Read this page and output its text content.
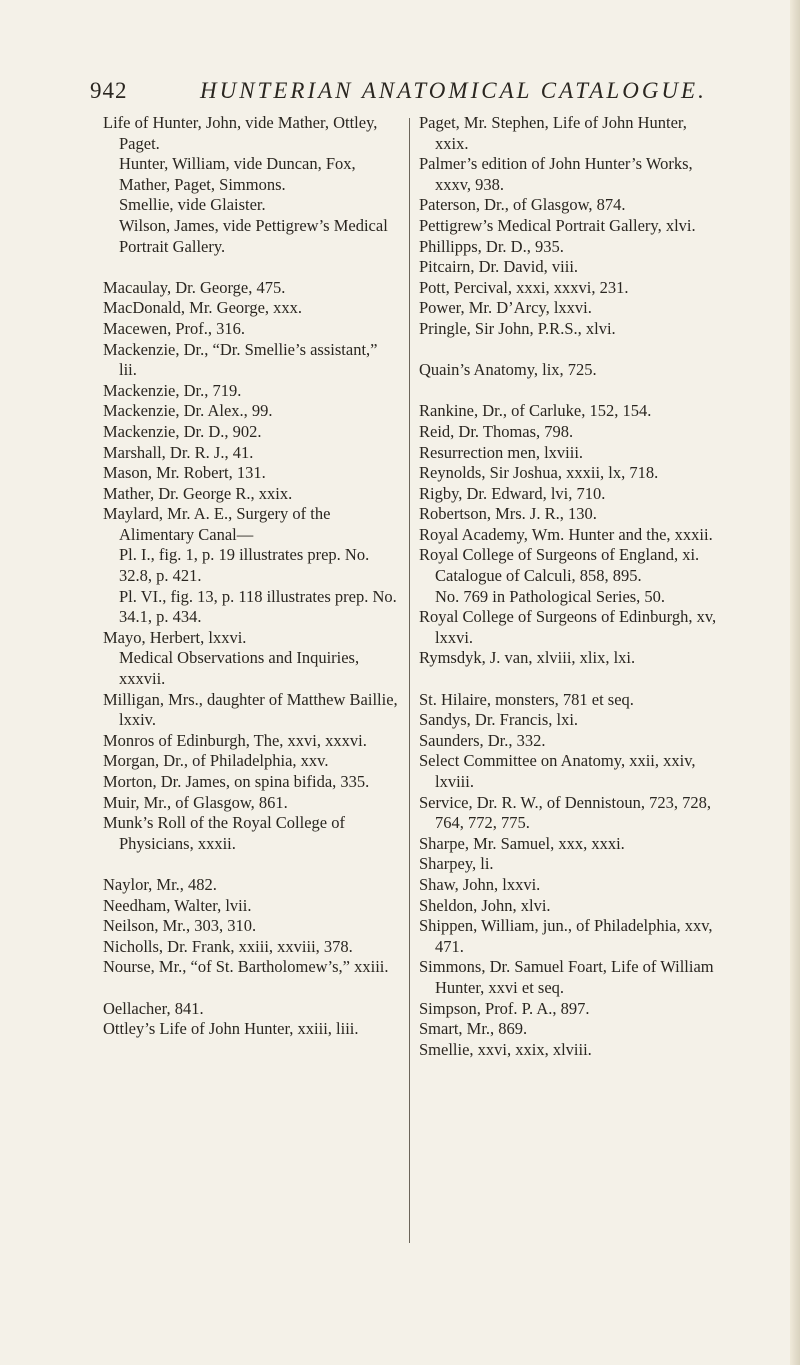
942	HUNTERIAN ANATOMICAL CATALOGUE.
Life of Hunter, John, vide Mather, Ottley, Paget.
Hunter, William, vide Duncan, Fox, Mather, Paget, Simmons.
Smellie, vide Glaister.
Wilson, James, vide Pettigrew’s Medical Portrait Gallery.
Macaulay, Dr. George, 475.
MacDonald, Mr. George, xxx.
Macewen, Prof., 316.
Mackenzie, Dr., “Dr. Smellie’s assistant,” lii.
Mackenzie, Dr., 719.
Mackenzie, Dr. Alex., 99.
Mackenzie, Dr. D., 902.
Marshall, Dr. R. J., 41.
Mason, Mr. Robert, 131.
Mather, Dr. George R., xxix.
Maylard, Mr. A. E., Surgery of the Alimentary Canal—
Pl. I., fig. 1, p. 19 illustrates prep. No. 32.8, p. 421.
Pl. VI., fig. 13, p. 118 illustrates prep. No. 34.1, p. 434.
Mayo, Herbert, lxxvi.
Medical Observations and Inquiries, xxxvii.
Milligan, Mrs., daughter of Matthew Baillie, lxxiv.
Monros of Edinburgh, The, xxvi, xxxvi.
Morgan, Dr., of Philadelphia, xxv.
Morton, Dr. James, on spina bifida, 335.
Muir, Mr., of Glasgow, 861.
Munk’s Roll of the Royal College of Physicians, xxxii.
Naylor, Mr., 482.
Needham, Walter, lvii.
Neilson, Mr., 303, 310.
Nicholls, Dr. Frank, xxiii, xxviii, 378.
Nourse, Mr., “of St. Bartholomew’s,” xxiii.
Oellacher, 841.
Ottley’s Life of John Hunter, xxiii, liii.
Paget, Mr. Stephen, Life of John Hunter, xxix.
Palmer’s edition of John Hunter’s Works, xxxv, 938.
Paterson, Dr., of Glasgow, 874.
Pettigrew’s Medical Portrait Gallery, xlvi.
Phillipps, Dr. D., 935.
Pitcairn, Dr. David, viii.
Pott, Percival, xxxi, xxxvi, 231.
Power, Mr. D’Arcy, lxxvi.
Pringle, Sir John, P.R.S., xlvi.
Quain’s Anatomy, lix, 725.
Rankine, Dr., of Carluke, 152, 154.
Reid, Dr. Thomas, 798.
Resurrection men, lxviii.
Reynolds, Sir Joshua, xxxii, lx, 718.
Rigby, Dr. Edward, lvi, 710.
Robertson, Mrs. J. R., 130.
Royal Academy, Wm. Hunter and the, xxxii.
Royal College of Surgeons of England, xi.
Catalogue of Calculi, 858, 895.
No. 769 in Pathological Series, 50.
Royal College of Surgeons of Edinburgh, xv, lxxvi.
Rymsdyk, J. van, xlviii, xlix, lxi.
St. Hilaire, monsters, 781 et seq.
Sandys, Dr. Francis, lxi.
Saunders, Dr., 332.
Select Committee on Anatomy, xxii, xxiv, lxviii.
Service, Dr. R. W., of Dennistoun, 723, 728, 764, 772, 775.
Sharpe, Mr. Samuel, xxx, xxxi.
Sharpey, li.
Shaw, John, lxxvi.
Sheldon, John, xlvi.
Shippen, William, jun., of Philadelphia, xxv, 471.
Simmons, Dr. Samuel Foart, Life of William Hunter, xxvi et seq.
Simpson, Prof. P. A., 897.
Smart, Mr., 869.
Smellie, xxvi, xxix, xlviii.
